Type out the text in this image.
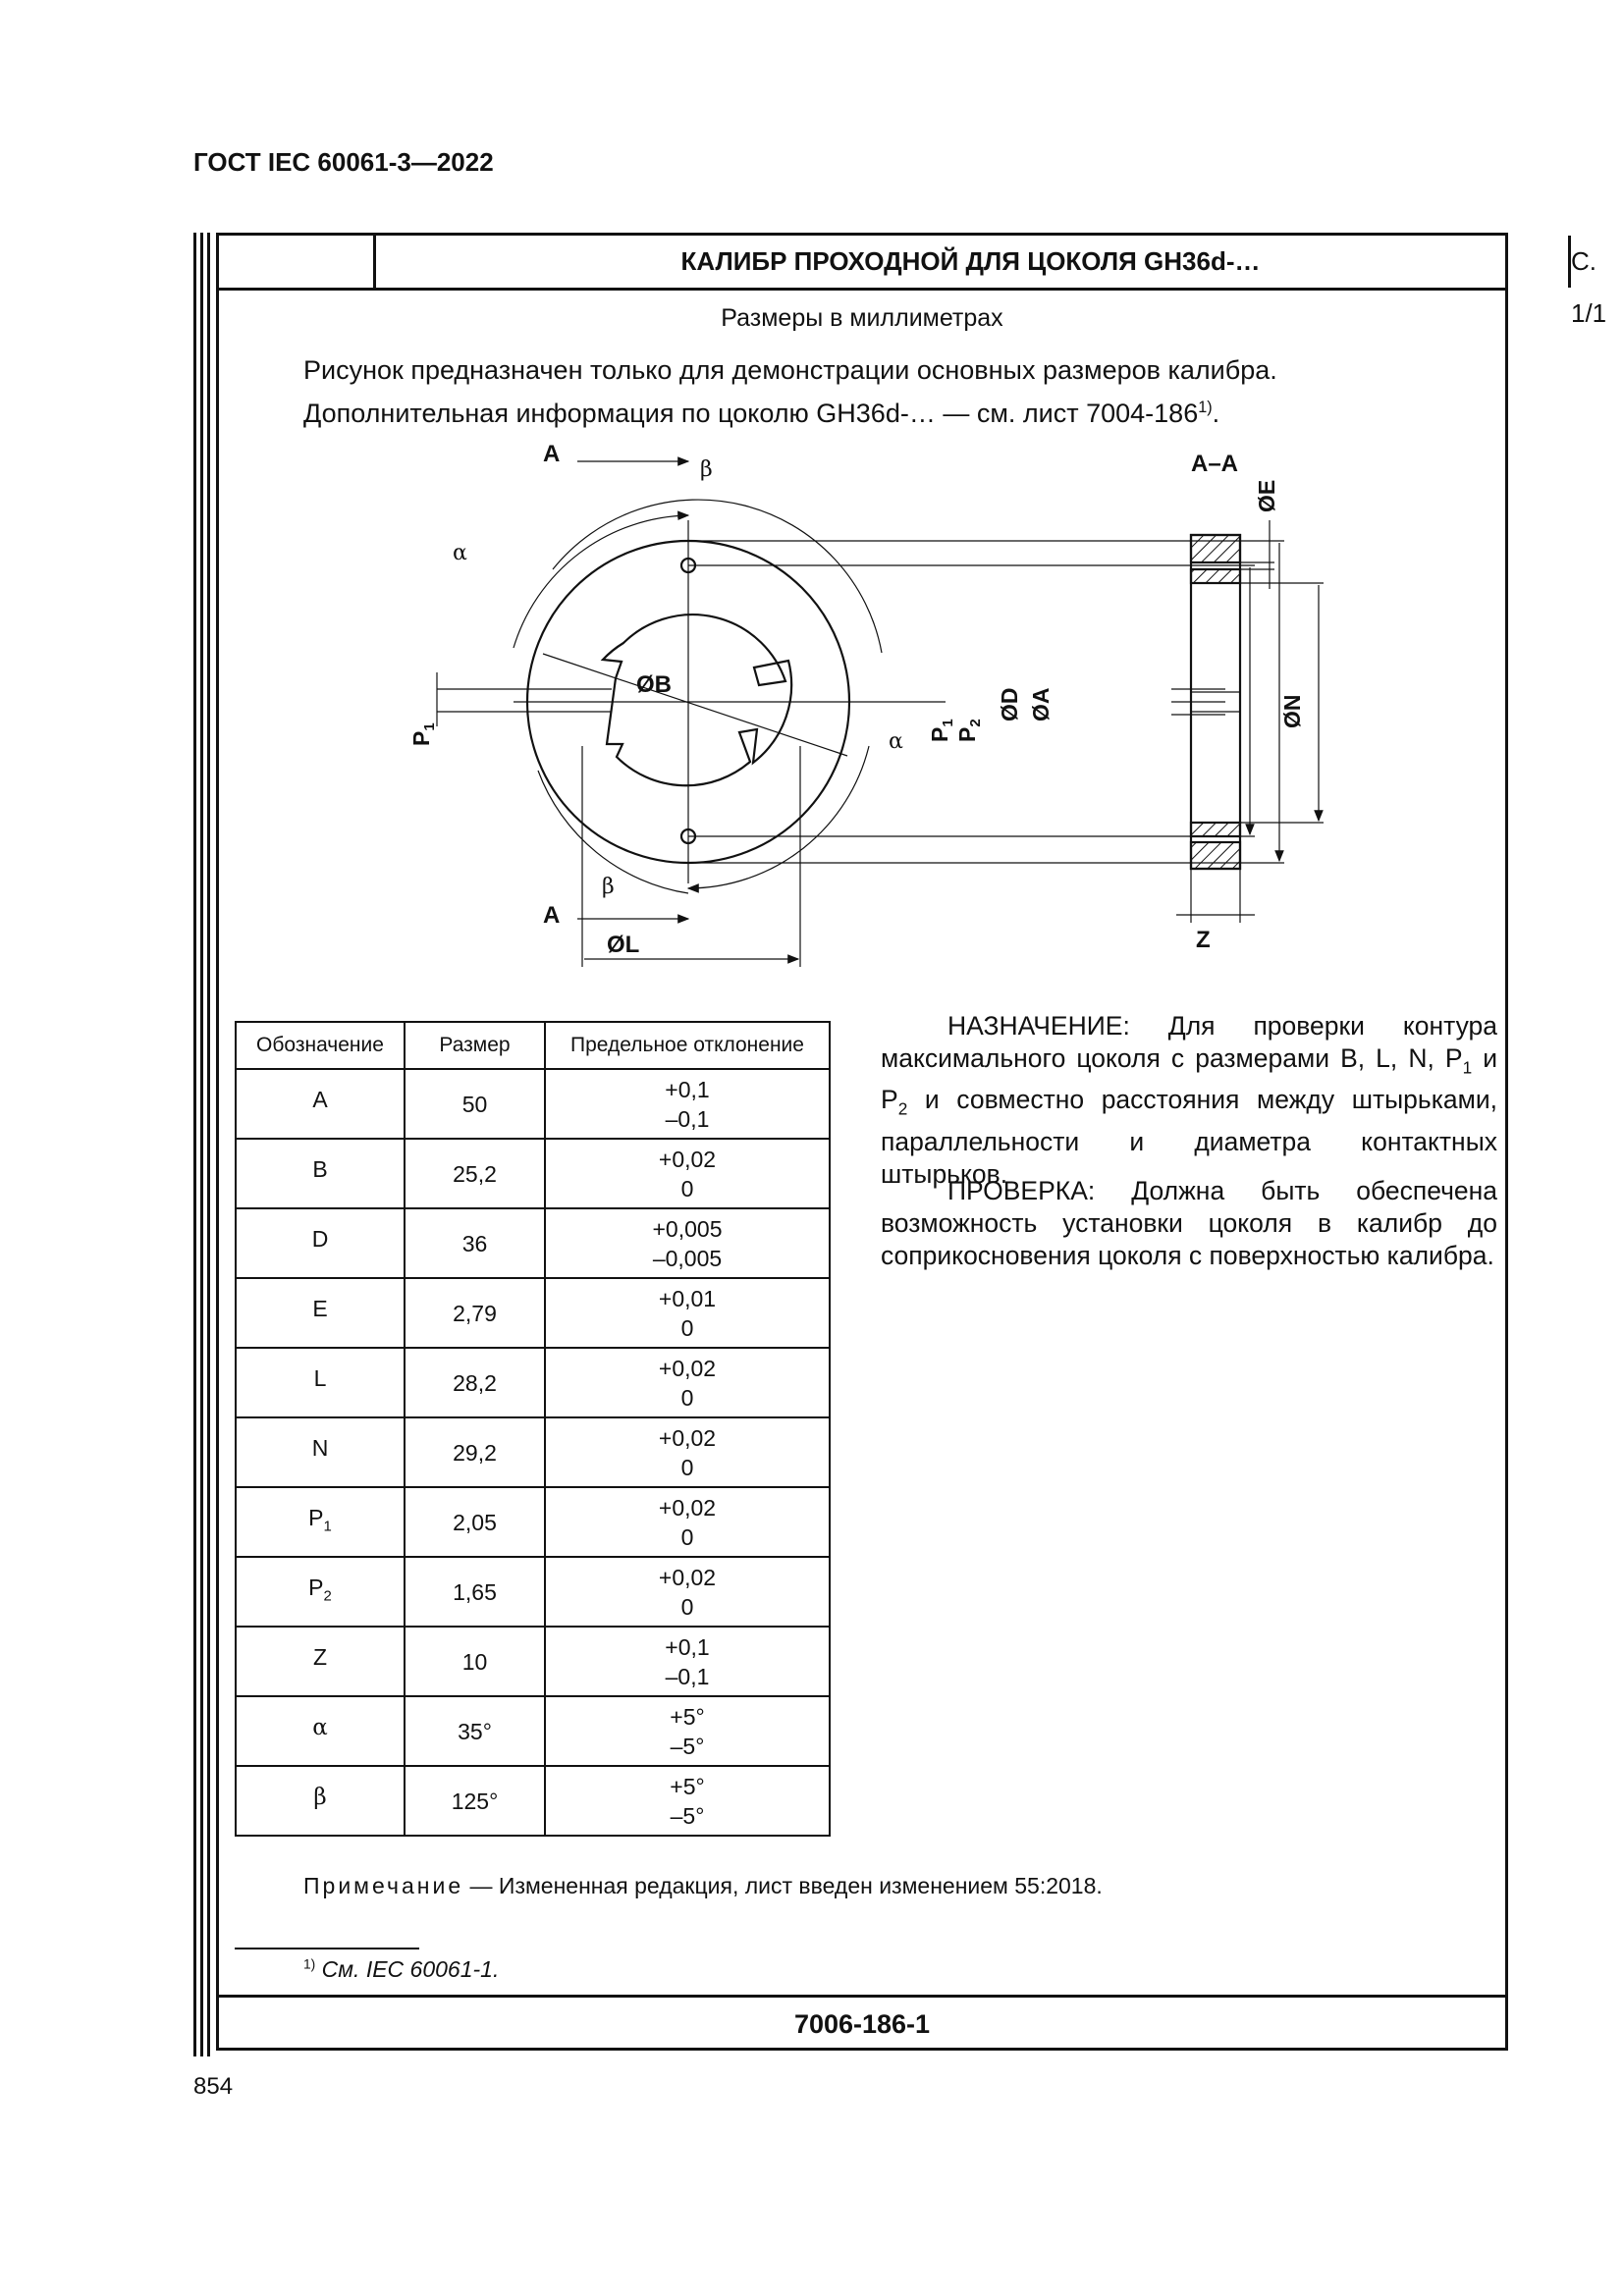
ГОСТ IEC 60061-3—2022
КАЛИБР ПРОХОДНОЙ ДЛЯ ЦОКОЛЯ GH36d-…	С. 1/1
Размеры в миллиметрах
Рисунок предназначен только для демонстрации основных размеров калибра.
Дополнительная информация по цоколю GH36d-… — см. лист 7004-186$^{1)}$.
A
A
A–A
ØB
ØL	Z
β
β
α
α
$P_1$
$P_1$
$P_2$
ØD ØA
ØE
ØN
Обозначение	Размер	Предельное отклонение
A	50	+0,1
–0,1

B	25,2	+0,02
0

D	36	+0,005
–0,005

E	2,79	+0,01
0

L	28,2	+0,02
0

N	29,2	+0,02
0

$P_1$	2,05	+0,02
0

$P_2$	1,65	+0,02
0

Z	10	+0,1
–0,1

α	35°	+5°
–5°

β	125°	+5°
–5°
НАЗНАЧЕНИЕ: Для проверки контура максимального цоколя с размерами B, L, N, $P_1$ и $P_2$ и совместно расстояния между штырьками, параллельности и диаметра контактных штырьков.
ПРОВЕРКА: Должна быть обеспечена возможность установки цоколя в калибр до соприкосновения цоколя с поверхностью калибра.
Примечание — Измененная редакция, лист введен изменением 55:2018.
$^{1)}$ См. IEC 60061-1.
7006-186-1
854
